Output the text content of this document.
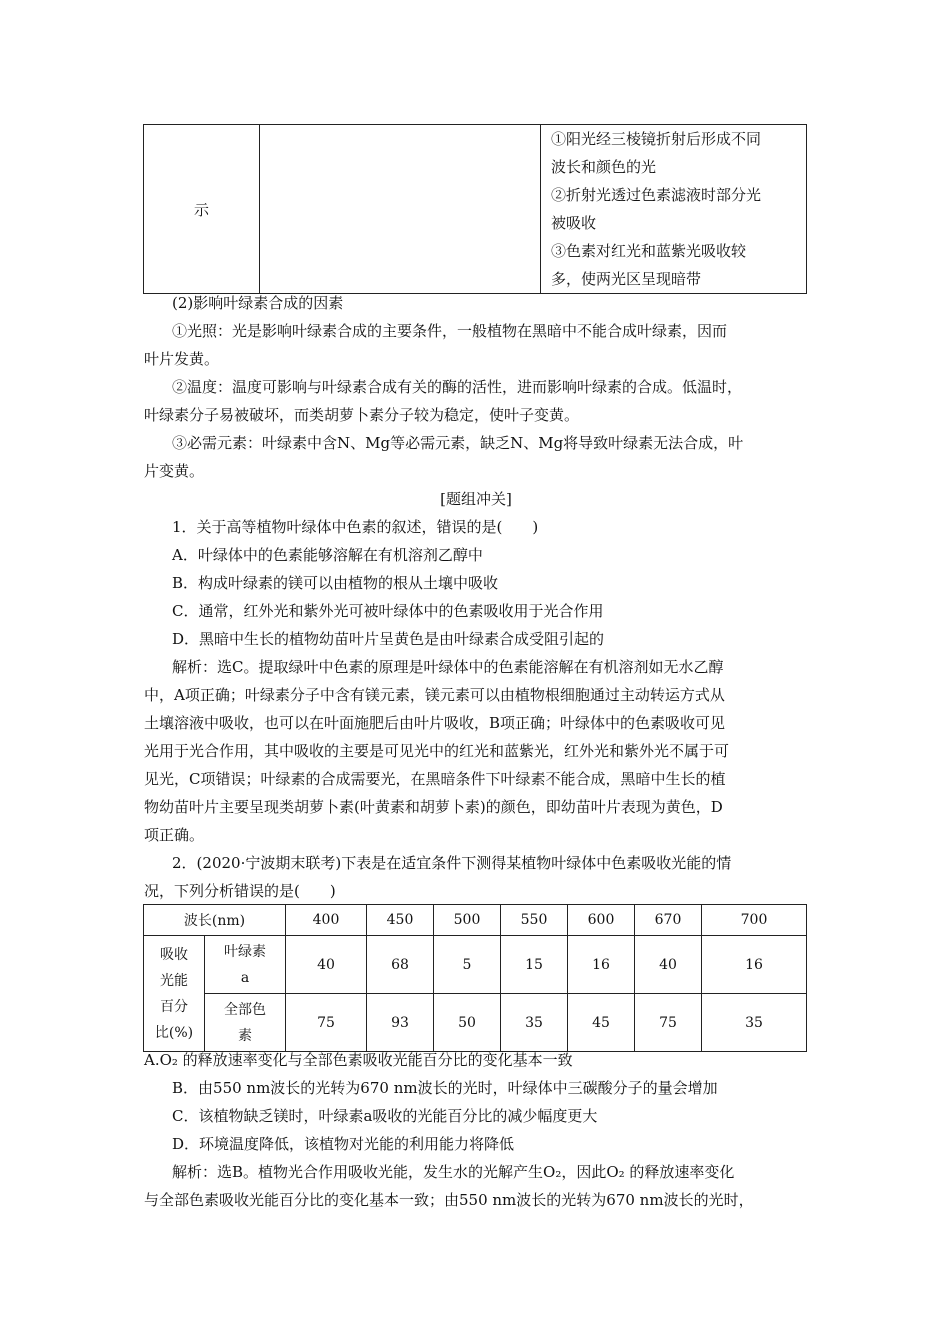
示		
①阳光经三棱镜折射后形成不同
波长和颜色的光
②折射光透过色素滤液时部分光
被吸收
③色素对红光和蓝紫光吸收较
多，使两光区呈现暗带
(2)影响叶绿素合成的因素
①光照：光是影响叶绿素合成的主要条件，一般植物在黑暗中不能合成叶绿素，因而
叶片发黄。
②温度：温度可影响与叶绿素合成有关的酶的活性，进而影响叶绿素的合成。低温时，
叶绿素分子易被破坏，而类胡萝卜素分子较为稳定，使叶子变黄。
③必需元素：叶绿素中含N、Mg等必需元素，缺乏N、Mg将导致叶绿素无法合成，叶
片变黄。
[题组冲关]
1．关于高等植物叶绿体中色素的叙述，错误的是(　　)
A．叶绿体中的色素能够溶解在有机溶剂乙醇中
B．构成叶绿素的镁可以由植物的根从土壤中吸收
C．通常，红外光和紫外光可被叶绿体中的色素吸收用于光合作用
D．黑暗中生长的植物幼苗叶片呈黄色是由叶绿素合成受阻引起的
解析：选C。提取绿叶中色素的原理是叶绿体中的色素能溶解在有机溶剂如无水乙醇
中，A项正确；叶绿素分子中含有镁元素，镁元素可以由植物根细胞通过主动转运方式从
土壤溶液中吸收，也可以在叶面施肥后由叶片吸收，B项正确；叶绿体中的色素吸收可见
光用于光合作用，其中吸收的主要是可见光中的红光和蓝紫光，红外光和紫外光不属于可
见光，C项错误；叶绿素的合成需要光，在黑暗条件下叶绿素不能合成，黑暗中生长的植
物幼苗叶片主要呈现类胡萝卜素(叶黄素和胡萝卜素)的颜色，即幼苗叶片表现为黄色，D
项正确。
2．(2020·宁波期末联考)下表是在适宜条件下测得某植物叶绿体中色素吸收光能的情
况，下列分析错误的是(　　)
波长(nm)		400	450	500	550	600	670	700

吸收
光能
百分
比(%)	叶绿素
a	40	68	5	15	16	40	16

	全部色
素	75	93	50	35	45	75	35
A.O₂ 的释放速率变化与全部色素吸收光能百分比的变化基本一致
B．由550 nm波长的光转为670 nm波长的光时，叶绿体中三碳酸分子的量会增加
C．该植物缺乏镁时，叶绿素a吸收的光能百分比的减少幅度更大
D．环境温度降低，该植物对光能的利用能力将降低
解析：选B。植物光合作用吸收光能，发生水的光解产生O₂，因此O₂ 的释放速率变化
与全部色素吸收光能百分比的变化基本一致；由550 nm波长的光转为670 nm波长的光时，
